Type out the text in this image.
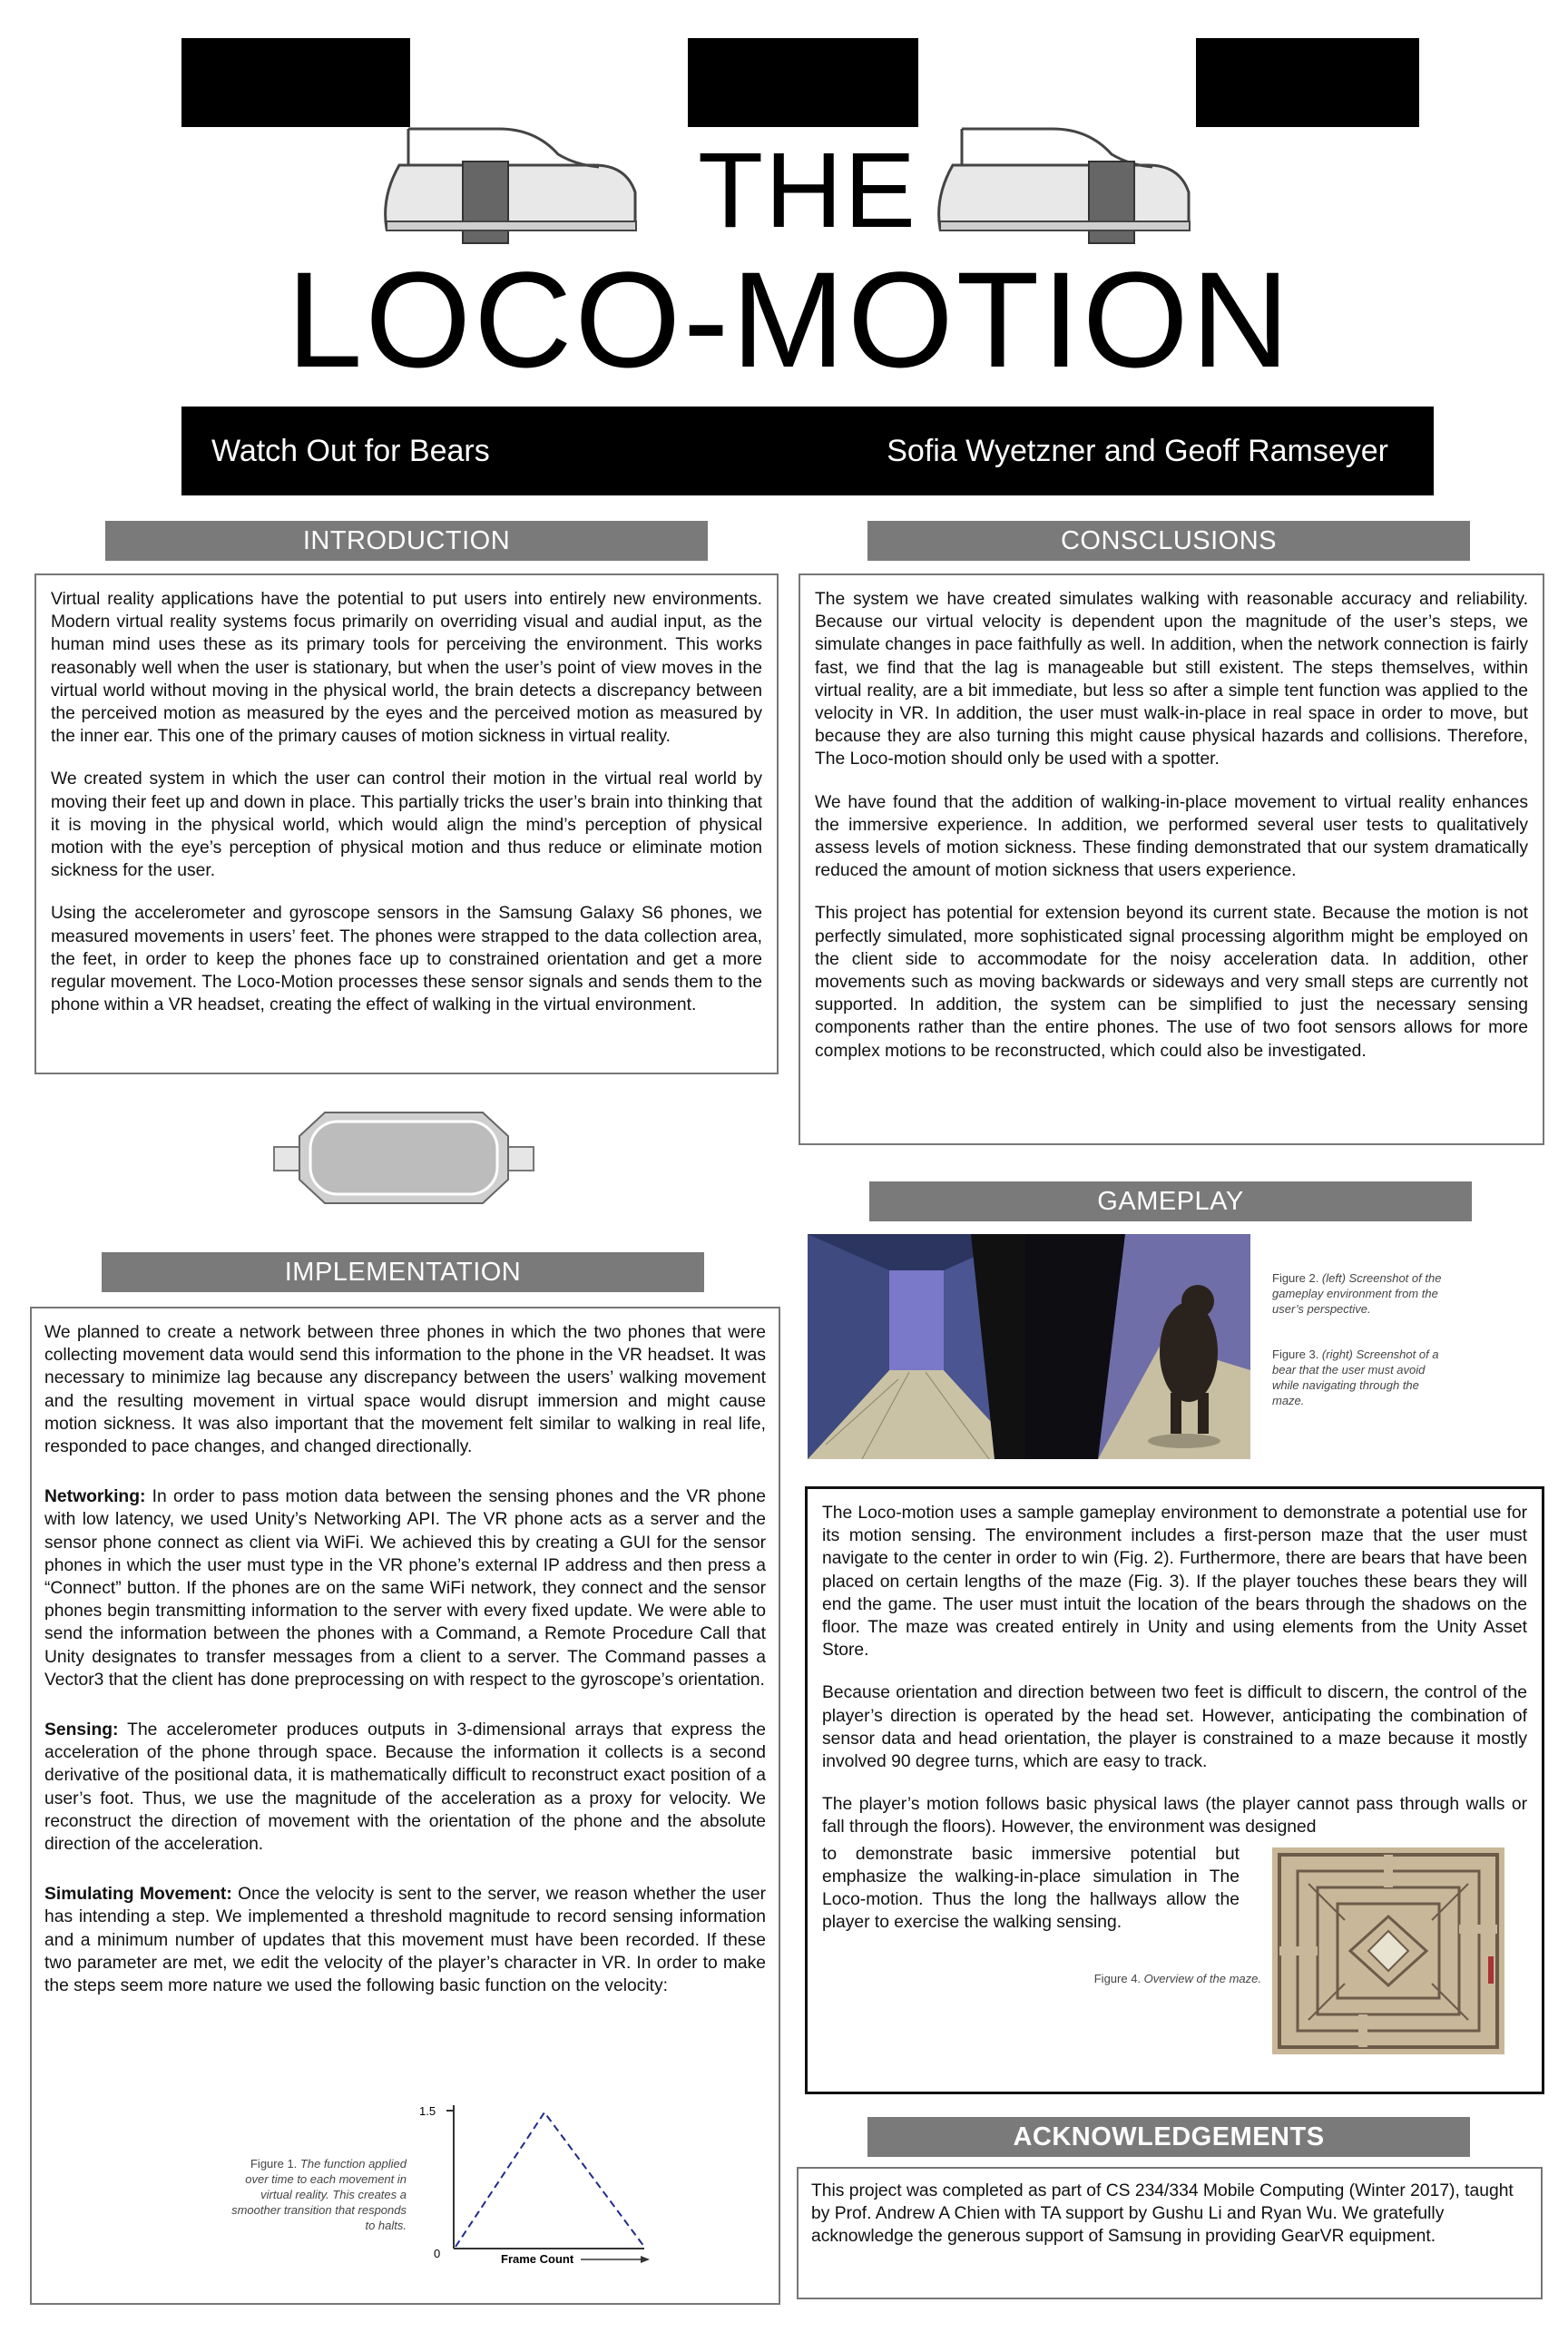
THE
LOCO-MOTION
Watch Out for Bears	Sofia Wyetzner and Geoff Ramseyer
INTRODUCTION

Virtual reality applications have the potential to put users into entirely new environments. Modern virtual reality systems focus primarily on overriding visual and audial input, as the human mind uses these as its primary tools for perceiving the environment. This works reasonably well when the user is stationary, but when the user’s point of view moves in the virtual world without moving in the physical world, the brain detects a discrepancy between the perceived motion as measured by the eyes and the perceived motion as measured by the inner ear. This one of the primary causes of motion sickness in virtual reality.

We created system in which the user can control their motion in the virtual real world by moving their feet up and down in place. This partially tricks the user’s brain into thinking that it is moving in the physical world, which would align the mind’s perception of physical motion with the eye’s perception of physical motion and thus reduce or eliminate motion sickness for the user.

Using the accelerometer and gyroscope sensors in the Samsung Galaxy S6 phones, we measured movements in users’ feet. The phones were strapped to the data collection area, the feet, in order to keep the phones face up to constrained orientation and get a more regular movement. The Loco-Motion processes these sensor signals and sends them to the phone within a VR headset, creating the effect of walking in the virtual environment.

IMPLEMENTATION

We planned to create a network between three phones in which the two phones that were collecting movement data would send this information to the phone in the VR headset. It was necessary to minimize lag because any discrepancy between the users’ walking movement and the resulting movement in virtual space would disrupt immersion and might cause motion sickness. It was also important that the movement felt similar to walking in real life, responded to pace changes, and changed directionally.

Networking: In order to pass motion data between the sensing phones and the VR phone with low latency, we used Unity’s Networking API. The VR phone acts as a server and the sensor phone connect as client via WiFi. We achieved this by creating a GUI for the sensor phones in which the user must type in the VR phone’s external IP address and then press a “Connect” button. If the phones are on the same WiFi network, they connect and the sensor phones begin transmitting information to the server with every fixed update. We were able to send the information between the phones with a Command, a Remote Procedure Call that Unity designates to transfer messages from a client to a server. The Command passes a Vector3 that the client has done preprocessing on with respect to the gyroscope’s orientation.

Sensing: The accelerometer produces outputs in 3-dimensional arrays that express the acceleration of the phone through space. Because the information it collects is a second derivative of the positional data, it is mathematically difficult to reconstruct exact position of a user’s foot. Thus, we use the magnitude of the acceleration as a proxy for velocity. We reconstruct the direction of movement with the orientation of the phone and the absolute direction of the acceleration.

Simulating Movement: Once the velocity is sent to the server, we reason whether the user has intending a step. We implemented a threshold magnitude to record sensing information and a minimum number of updates that this movement must have been recorded. If these two parameter are met, we edit the velocity of the player’s character in VR. In order to make the steps seem more nature we used the following basic function on the velocity:

Figure 1. The function applied over time to each movement in virtual reality. This creates a smoother transition that responds to halts.
1.5
0	Frame Count
CONSCLUSIONS

The system we have created simulates walking with reasonable accuracy and reliability. Because our virtual velocity is dependent upon the magnitude of the user’s steps, we simulate changes in pace faithfully as well. In addition, when the network connection is fairly fast, we find that the lag is manageable but still existent. The steps themselves, within virtual reality, are a bit immediate, but less so after a simple tent function was applied to the velocity in VR. In addition, the user must walk-in-place in real space in order to move, but because they are also turning this might cause physical hazards and collisions. Therefore, The Loco-motion should only be used with a spotter.

We have found that the addition of walking-in-place movement to virtual reality enhances the immersive experience. In addition, we performed several user tests to qualitatively assess levels of motion sickness. These finding demonstrated that our system dramatically reduced the amount of motion sickness that users experience.

This project has potential for extension beyond its current state. Because the motion is not perfectly simulated, more sophisticated signal processing algorithm might be employed on the client side to accommodate for the noisy acceleration data. In addition, other movements such as moving backwards or sideways and very small steps are currently not supported. In addition, the system can be simplified to just the necessary sensing components rather than the entire phones. The use of two foot sensors allows for more complex motions to be reconstructed, which could also be investigated.

GAMEPLAY
Figure 2. (left) Screenshot of the gameplay environment from the user’s perspective.
Figure 3. (right) Screenshot of a bear that the user must avoid while navigating through the maze.

The Loco-motion uses a sample gameplay environment to demonstrate a potential use for its motion sensing. The environment includes a first-person maze that the user must navigate to the center in order to win (Fig. 2). Furthermore, there are bears that have been placed on certain lengths of the maze (Fig. 3). If the player touches these bears they will end the game. The user must intuit the location of the bears through the shadows on the floor. The maze was created entirely in Unity and using elements from the Unity Asset Store.

Because orientation and direction between two feet is difficult to discern, the control of the player’s direction is operated by the head set. However, anticipating the combination of sensor data and head orientation, the player is constrained to a maze because it mostly involved 90 degree turns, which are easy to track.

The player’s motion follows basic physical laws (the player cannot pass through walls or fall through the floors). However, the environment was designed

to demonstrate basic immersive potential but emphasize the walking-in-place simulation in The Loco-motion. Thus the long the hallways allow the player to exercise the walking sensing.

Figure 4. Overview of the maze.
ACKNOWLEDGEMENTS

This project was completed as part of CS 234/334 Mobile Computing (Winter 2017), taught by Prof. Andrew A Chien with TA support by Gushu Li and Ryan Wu. We gratefully acknowledge the generous support of Samsung in providing GearVR equipment.
